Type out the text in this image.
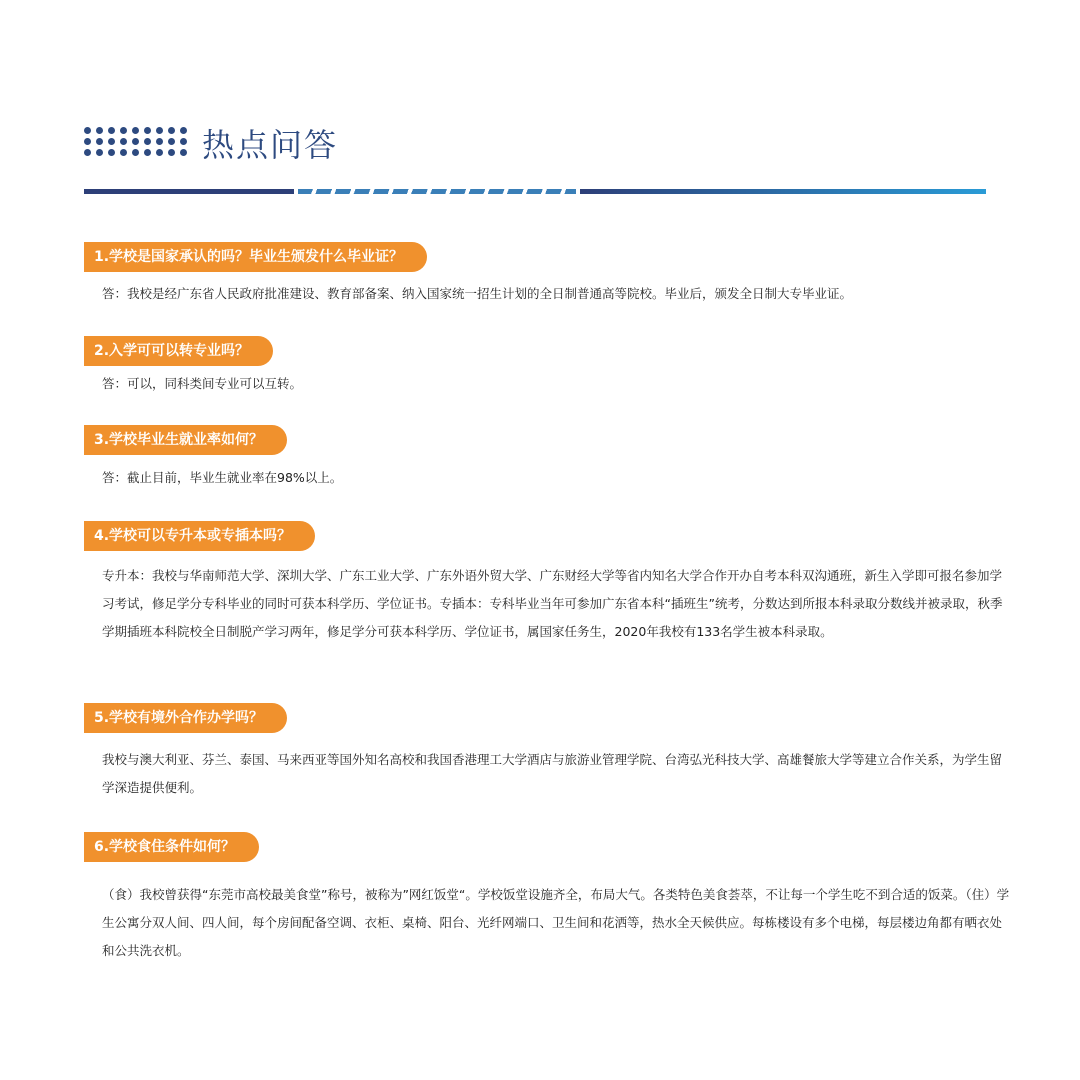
热点问答
1.学校是国家承认的吗？毕业生颁发什么毕业证？
答：我校是经广东省人民政府批准建设、教育部备案、纳入国家统一招生计划的全日制普通高等院校。毕业后，颁发全日制大专毕业证。
2.入学可可以转专业吗？
答：可以，同科类间专业可以互转。
3.学校毕业生就业率如何？
答：截止目前，毕业生就业率在98%以上。
4.学校可以专升本或专插本吗？
专升本：我校与华南师范大学、深圳大学、广东工业大学、广东外语外贸大学、广东财经大学等省内知名大学合作开办自考本科双沟通班，新生入学即可报名参加学习考试，修足学分专科毕业的同时可获本科学历、学位证书。专插本：专科毕业当年可参加广东省本科“插班生”统考，分数达到所报本科录取分数线并被录取，秋季学期插班本科院校全日制脱产学习两年，修足学分可获本科学历、学位证书，属国家任务生，2020年我校有133名学生被本科录取。
5.学校有境外合作办学吗？
我校与澳大利亚、芬兰、泰国、马来西亚等国外知名高校和我国香港理工大学酒店与旅游业管理学院、台湾弘光科技大学、高雄餐旅大学等建立合作关系，为学生留学深造提供便利。
6.学校食住条件如何？
（食）我校曾获得“东莞市高校最美食堂”称号，被称为”网红饭堂“。学校饭堂设施齐全，布局大气。各类特色美食荟萃，不让每一个学生吃不到合适的饭菜。（住）学生公寓分双人间、四人间，每个房间配备空调、衣柜、桌椅、阳台、光纤网端口、卫生间和花洒等，热水全天候供应。每栋楼设有多个电梯，每层楼边角都有晒衣处和公共洗衣机。
